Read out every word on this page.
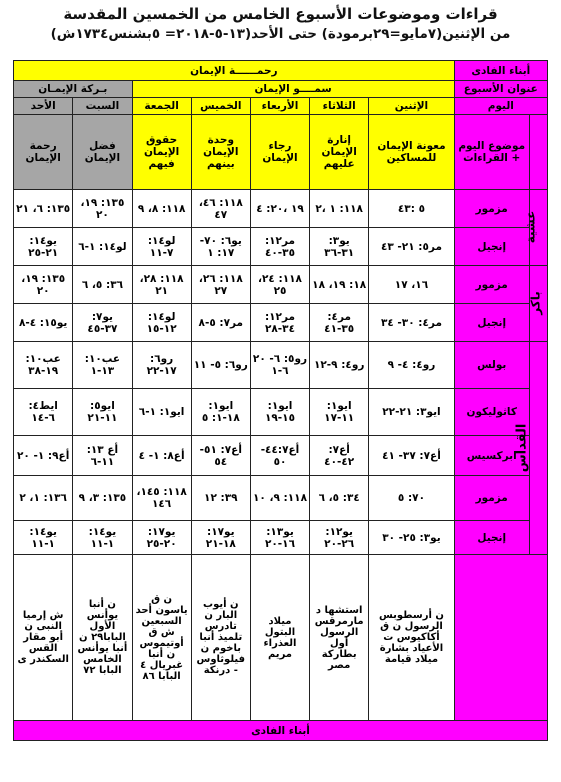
قراءات وموضوعات الأسبوع الخامس من الخمسين المقدسة
من الإثنين(٧مايو=٢٩برمودة) حتى الأحد(١٣-٥-٢٠١٨= ٥بشنس١٧٣٤ش)
أبناء الفادى		رحمــــــة الإيمان						
عنوان الأسبوع		سمــــو الإيمان					بـركة الإيمـان	
اليوم		الإثنين	الثلاثاء	الأربعاء	الخميس	الجمعة	السبت	الأحد
	موضوع اليوم + القراءات	معونة الإيمان للمساكين	إنارة الإيمان عليهم	رجاء الإيمان	وحدة الإيمان بينهم	حقوق الإيمان فيهم	فضل الإيمان	رحمة الإيمان
عشية	مزمور	٥ :٤٣	١١٨: ١ ،٢	١٩ ،٢٠: ٤	١١٨: ٤٦، ٤٧	١١٨: ٨، ٩	١٣٥: ١٩، ٢٠	١٣٥: ٦، ٢١

	إنجيل	مر٥: ٢١- ٤٣	يو٣: ٣١-٣٦	مر١٢: ٣٥-٤٠	يو٦: ٧٠- ١٧: ١	لو١٤: ٧-١١	لو١٤: ١-٦	يو١٤: ٢١-٢٥

باكر	مزمور	١٦، ١٧	١٨: ١٩، ١٨	١١٨: ٢٤، ٢٥	١١٨: ٢٦، ٢٧	١١٨: ٢٨، ٢١	٣٦: ٥، ٦	١٣٥: ١٩، ٢٠

	إنجيل	مر٤: ٣٠- ٣٤	مر٤: ٣٥-٤١	مر١٢: ٣٤-٢٨	مر٧: ٥-٨	لو١٤: ١٢-١٥	يو٧: ٣٧-٤٥	يو١٥: ٤-٨

القداس	بولس	رو٤: ٤- ٩	رو٤: ٩-١٢	رو٥: ٦- ٢٠ ٦-١	رو٦: ٥- ١١	رو٦: ١٧-٢٢	عب١٠: ١٣-١	عب١٠: ١٩-٣٨

	كاثوليكون	ايو٣: ٢١-٢٢	ايو١: ١١-١٧	ايو١: ١٥-١٩	ايو١: ١٨-١: ٥	ايو١: ١-٦	ايو٥: ١١-٢١	ايط٤: ٦-١٤

	ابركسيس	أع٧: ٣٧- ٤١	أع٧: ٤٢-٤٠	أع٤٤:٧- ٥٠	أع٧: ٥١- ٥٤	أع٨: ١- ٤	أع ١٣: ١١-٦	أع٩: ١- ٢٠

	مزمور	٧٠: ٥	٣٤: ٥، ٦	١١٨: ٩، ١٠	٣٩: ١٢	١١٨: ١٤٥، ١٤٦	١٣٥: ٣، ٩	١٣٦: ١، ٢

	إنجيل	يو٣: ٢٥- ٣٠	يو١٢: ٢٦-٢٠	يو١٣: ١٦-٢٠	يو١٧: ١٨-٢١	يو١٧: ٢٠-٢٥	يو١٤: ١-١١	يو١٤: ١-١١

		ن أرسطوبس الرسول ن ق أكاكيوس ت الأعياد بشارة ميلاد قيامة	استشها د مارمرقس الرسول أول بطاركة مصر	ميلاد البتول العذراء مريم	ن أيوب البار ن تادرس تلميذ أنبا باخوم ن فيلوثاوس - درنكة	ن ق ياسون أحد السبعين ش ق أوتيموس ن أنبا غبريال ٤ البابا ٨٦	ن أنبا يوأنس الأول البابا٢٩ ن أنبا يوأنس الخامس البابا ٧٢	ش إرميا النبى ن أبو مقار القس السكندر ى

أبناء الفادى								
